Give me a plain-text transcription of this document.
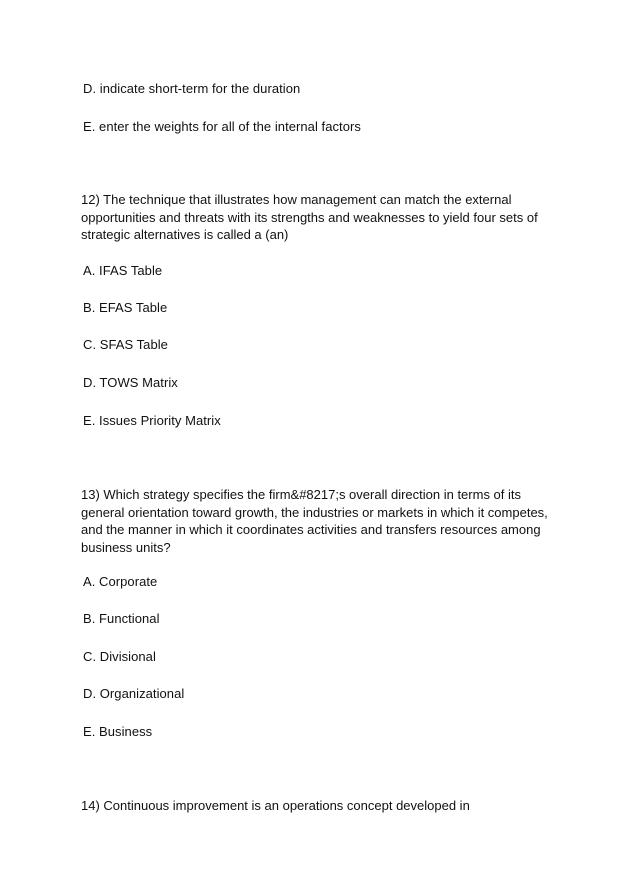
D. indicate short-term for the duration
E. enter the weights for all of the internal factors
12) The technique that illustrates how management can match the external
opportunities and threats with its strengths and weaknesses to yield four sets of
strategic alternatives is called a (an)
A. IFAS Table
B. EFAS Table
C. SFAS Table
D. TOWS Matrix
E. Issues Priority Matrix
13) Which strategy specifies the firm&#8217;s overall direction in terms of its
general orientation toward growth, the industries or markets in which it competes,
and the manner in which it coordinates activities and transfers resources among
business units?
A. Corporate
B. Functional
C. Divisional
D. Organizational
E. Business
14) Continuous improvement is an operations concept developed in
